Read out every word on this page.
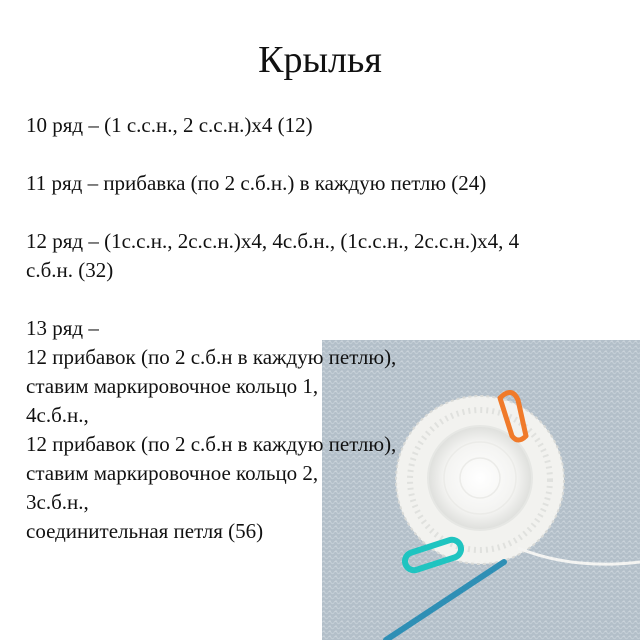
Крылья
10 ряд – (1 с.с.н., 2 с.с.н.)х4 (12)
11 ряд – прибавка (по 2 с.б.н.) в каждую петлю (24)
12 ряд – (1с.с.н., 2с.с.н.)х4, 4с.б.н., (1с.с.н., 2с.с.н.)х4, 4
с.б.н. (32)
13 ряд –
12 прибавок (по 2 с.б.н в каждую петлю),
ставим маркировочное кольцо 1,
4с.б.н.,
12 прибавок (по 2 с.б.н в каждую петлю),
ставим маркировочное кольцо 2,
3с.б.н.,
соединительная петля (56)
